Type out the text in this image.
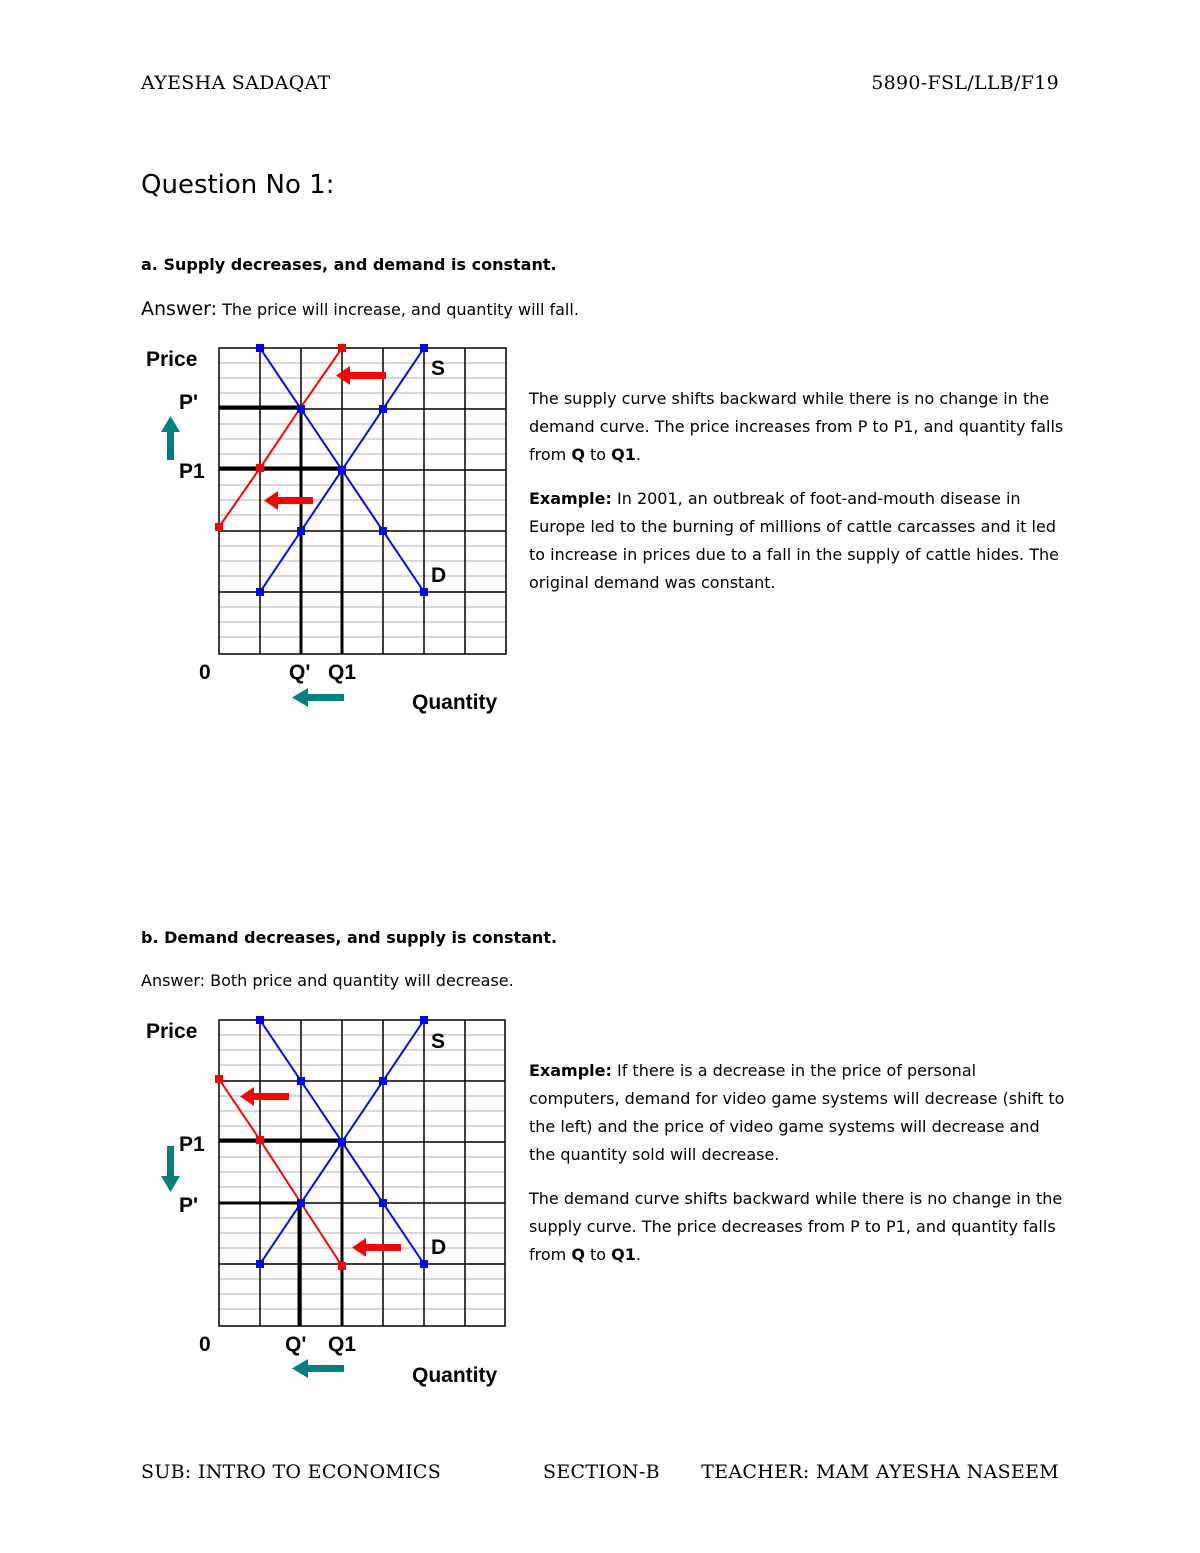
AYESHA SADAQAT	5890-FSL/LLB/F19
Question No 1:
a. Supply decreases, and demand is constant.
Answer: The price will increase, and quantity will fall.
Price
P'
P1
0	Q' Q1
Quantity
S
D

The supply curve shifts backward while there is no change in the demand curve. The price increases from P to P1, and quantity falls from Q to Q1.

Example: In 2001, an outbreak of foot-and-mouth disease in Europe led to the burning of millions of cattle carcasses and it led to increase in prices due to a fall in the supply of cattle hides. The original demand was constant.

b. Demand decreases, and supply is constant.
Answer: Both price and quantity will decrease.
Price
P1
P'
0	Q' Q1
Quantity
S
D

Example: If there is a decrease in the price of personal computers, demand for video game systems will decrease (shift to the left) and the price of video game systems will decrease and the quantity sold will decrease.

The demand curve shifts backward while there is no change in the supply curve. The price decreases from P to P1, and quantity falls from Q to Q1.

SUB: INTRO TO ECONOMICS	SECTION-B TEACHER: MAM AYESHA NASEEM
